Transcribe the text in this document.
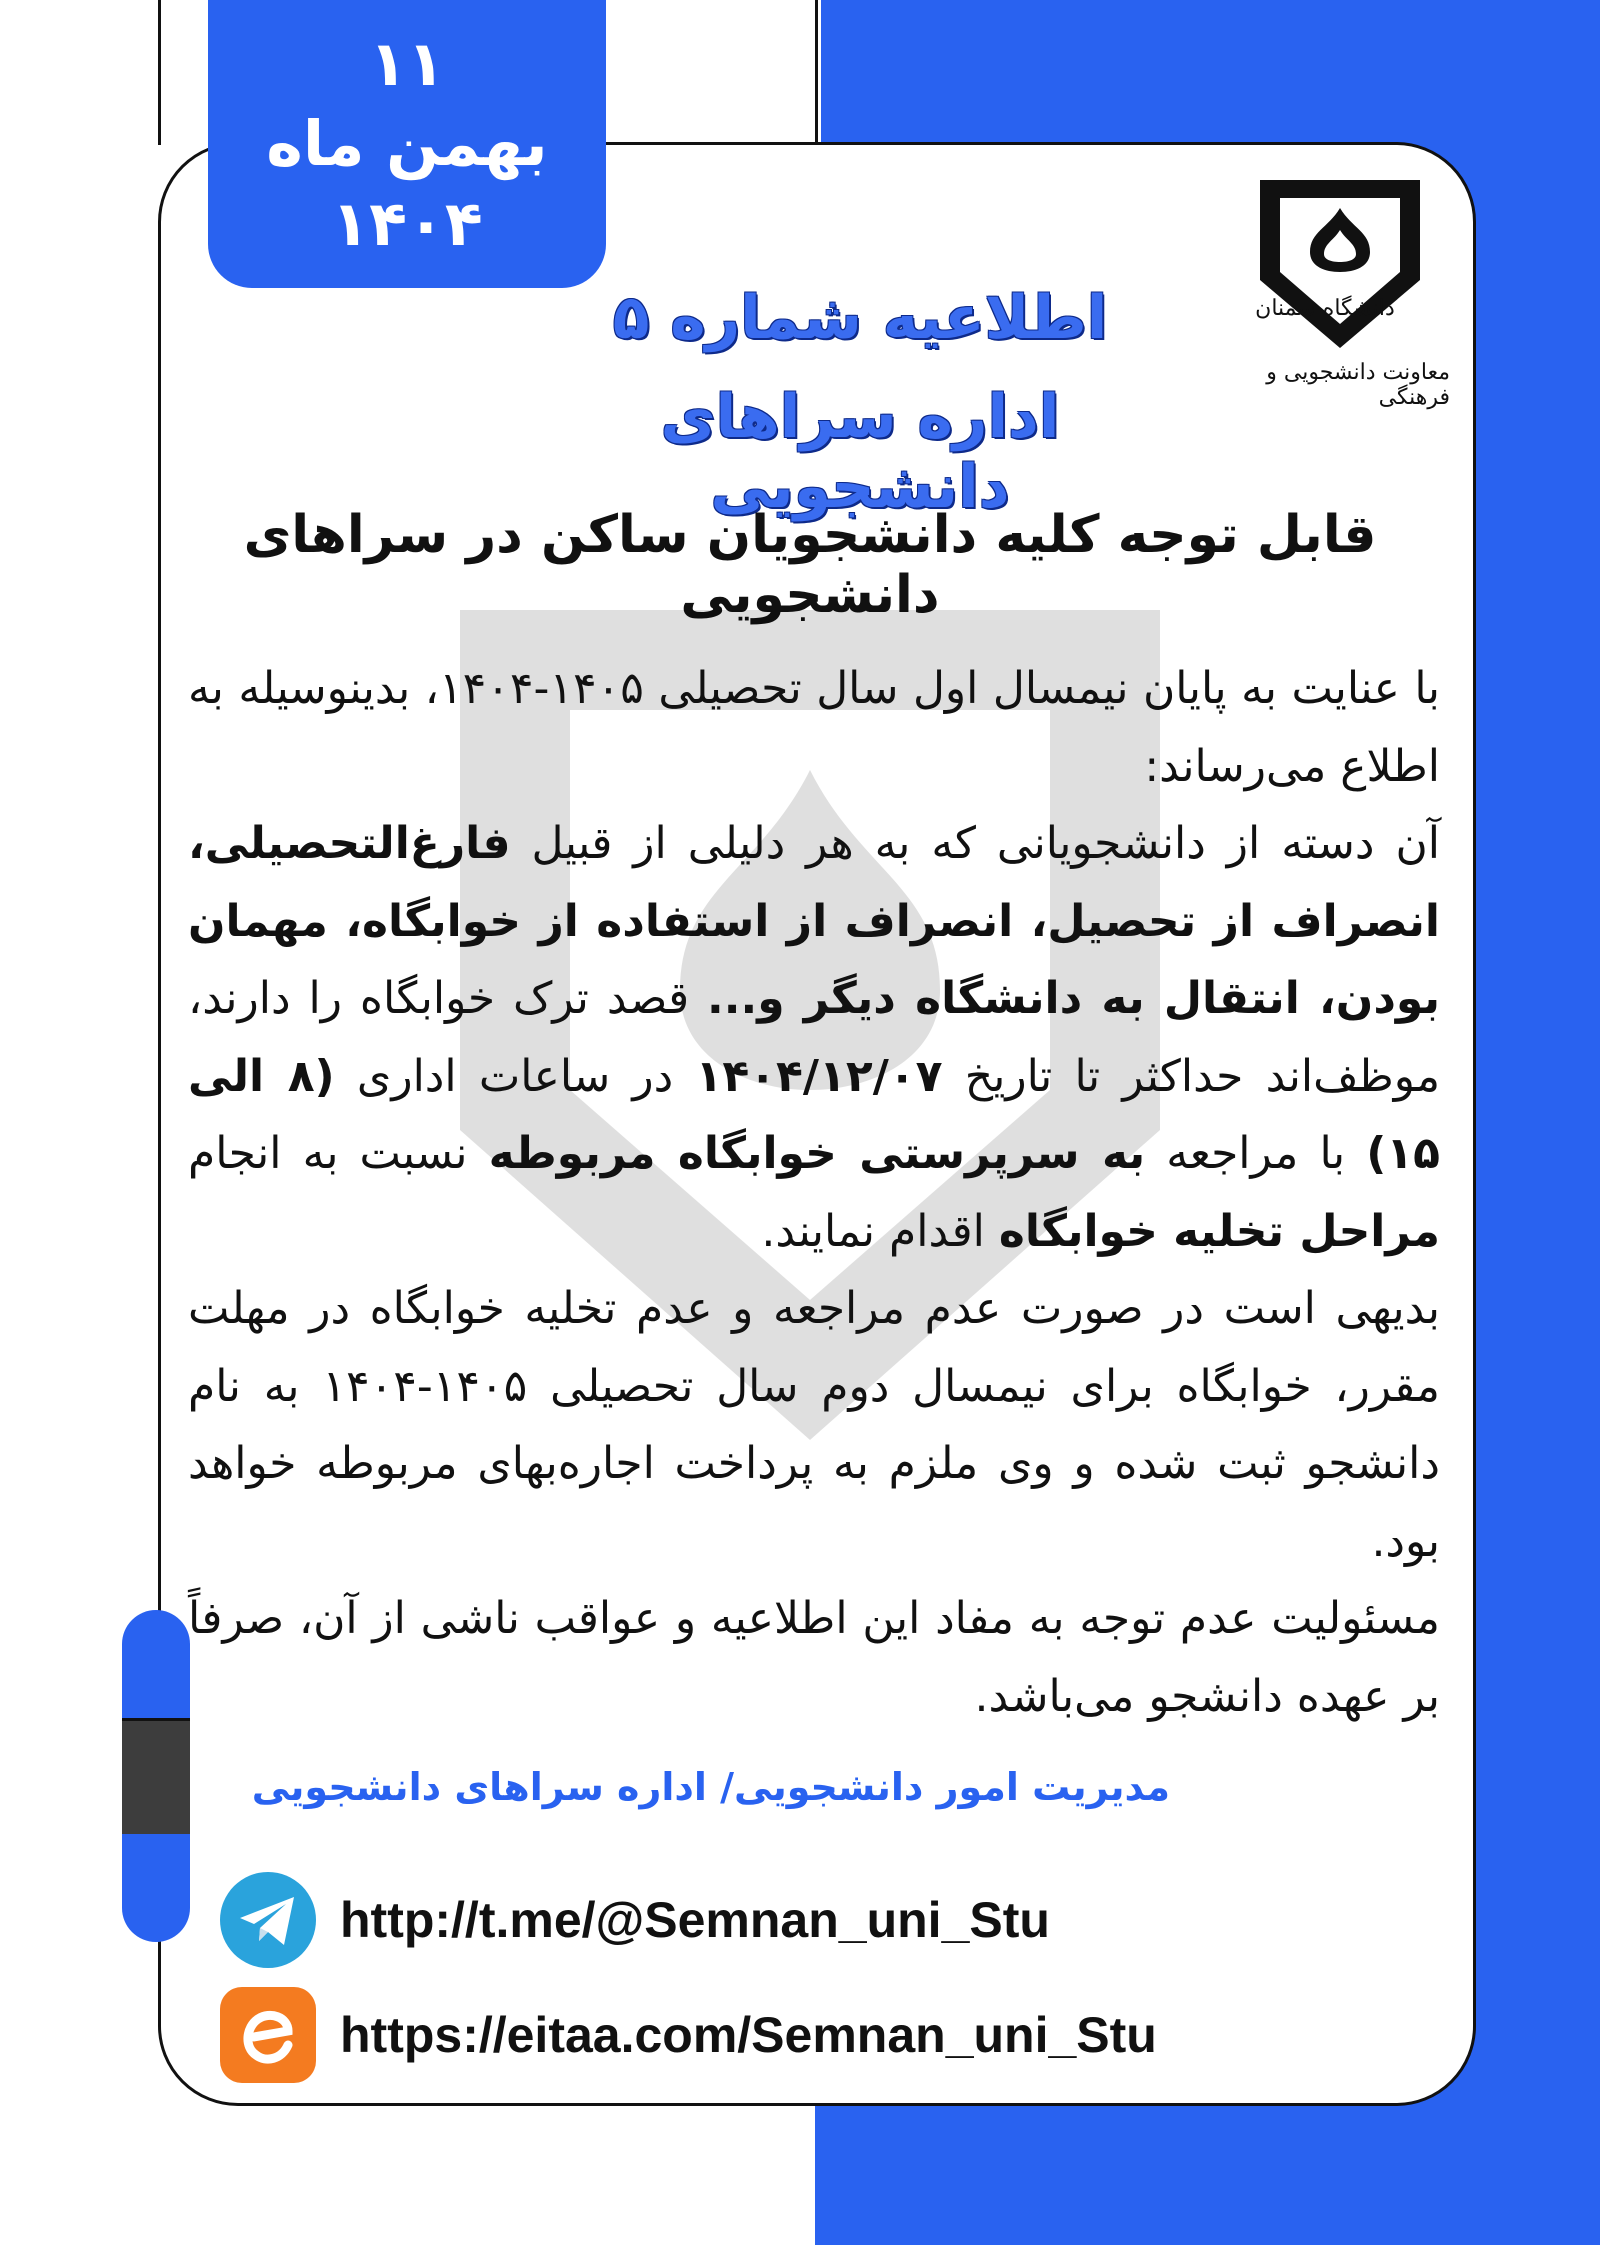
۱۱
بهمن ماه
۱۴۰۴
دانشگاه سمنان
معاونت دانشجویی و فرهنگی
اطلاعیه شماره ۵
اداره سراهای دانشجویی
قابل توجه کلیه دانشجویان ساکن در سراهای دانشجویی

با عنایت به پایان نیمسال اول سال تحصیلی ۱۴۰۵-۱۴۰۴، بدینوسیله به اطلاع می‌رساند:

آن دسته از دانشجویانی که به هر دلیلی از قبیل فارغ‌التحصیلی، انصراف از تحصیل، انصراف از استفاده از خوابگاه، مهمان بودن، انتقال به دانشگاه دیگر و... قصد ترک خوابگاه را دارند، موظف‌اند حداکثر تا تاریخ ۱۴۰۴/۱۲/۰۷ در ساعات اداری (۸ الی ۱۵) با مراجعه به سرپرستی خوابگاه مربوطه نسبت به انجام مراحل تخلیه خوابگاه اقدام نمایند.

بدیهی است در صورت عدم مراجعه و عدم تخلیه خوابگاه در مهلت مقرر، خوابگاه برای نیمسال دوم سال تحصیلی ۱۴۰۵-۱۴۰۴ به نام دانشجو ثبت شده و وی ملزم به پرداخت اجاره‌بهای مربوطه خواهد بود.

مسئولیت عدم توجه به مفاد این اطلاعیه و عواقب ناشی از آن، صرفاً بر عهده دانشجو می‌باشد.

مدیریت امور دانشجویی/ اداره سراهای دانشجویی
http://t.me/@Semnan_uni_Stu
https://eitaa.com/Semnan_uni_Stu
